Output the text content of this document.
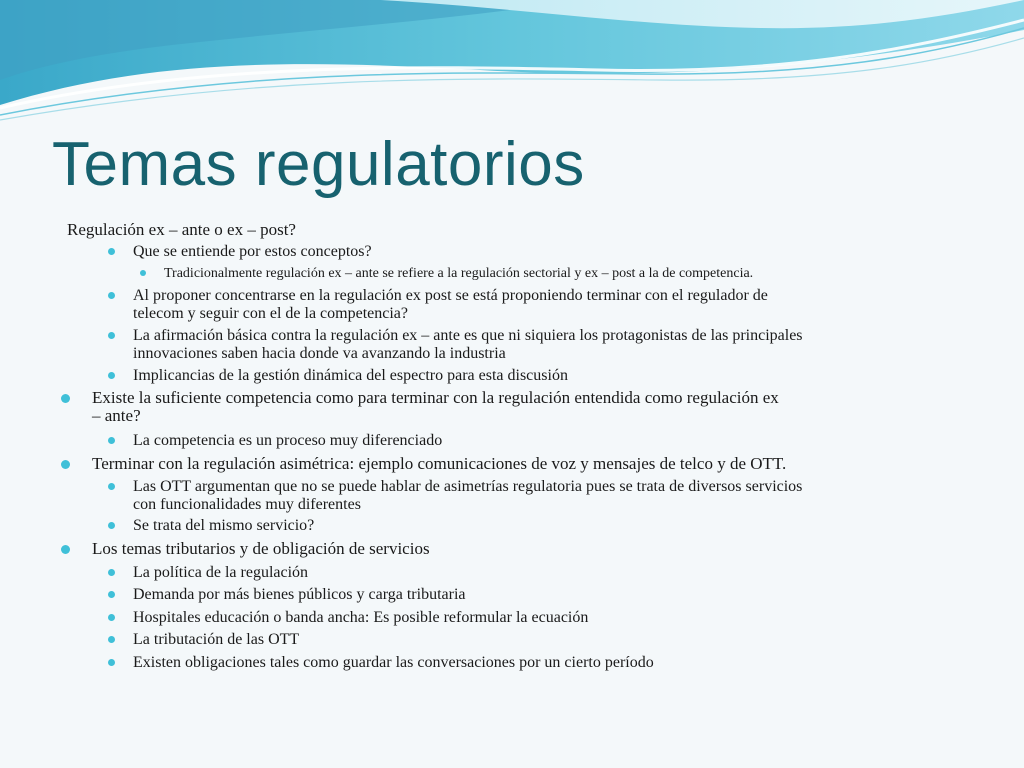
Temas regulatorios
Regulación ex – ante o ex – post?
Que se entiende por estos conceptos?
Tradicionalmente regulación ex – ante se refiere a la regulación sectorial y ex – post a la de competencia.
Al proponer concentrarse en la regulación ex post se está proponiendo terminar con el regulador de
telecom y seguir con el de la competencia?
La afirmación básica contra la regulación ex – ante es que ni siquiera los protagonistas de las principales
innovaciones saben hacia donde va avanzando la industria
Implicancias de la gestión dinámica del espectro para esta discusión
Existe la suficiente competencia como para terminar con la regulación entendida como regulación ex
– ante?
La competencia es un proceso muy diferenciado
Terminar con la regulación asimétrica: ejemplo comunicaciones de voz y mensajes de telco y de OTT.
Las OTT argumentan que no se puede hablar de asimetrías regulatoria pues se trata de diversos servicios
con funcionalidades muy diferentes
Se trata del mismo servicio?
Los temas tributarios y de obligación de servicios
La política de la regulación
Demanda por más bienes públicos y carga tributaria
Hospitales educación o banda ancha: Es posible reformular la ecuación
La tributación de las OTT
Existen obligaciones tales como guardar las conversaciones por un cierto período
